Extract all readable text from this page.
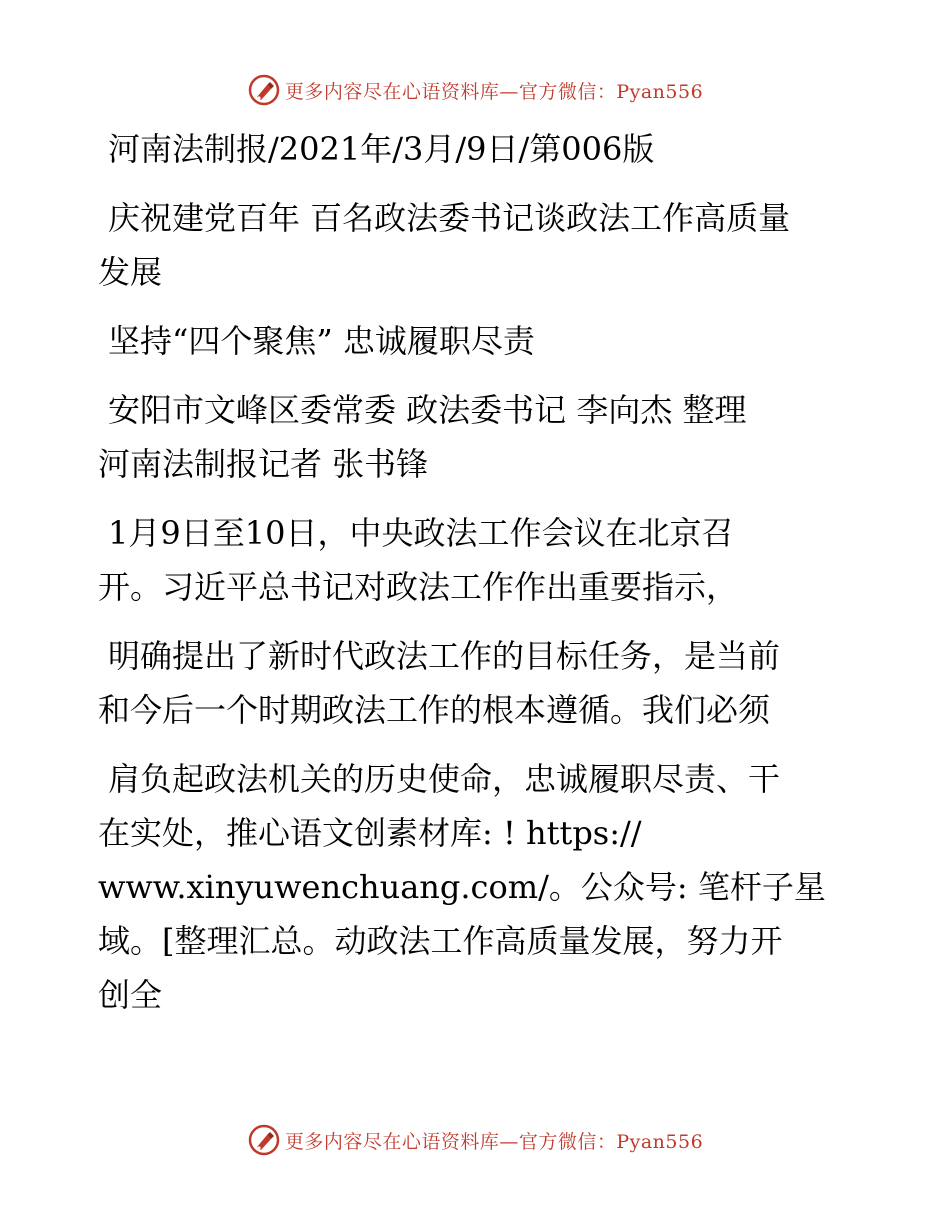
更多内容尽在心语资料库—官方微信：Pyan556
河南法制报/2021年/3月/9日/第006版
庆祝建党百年 百名政法委书记谈政法工作高质量
发展
坚持“四个聚焦” 忠诚履职尽责
安阳市文峰区委常委 政法委书记 李向杰 整理
河南法制报记者 张书锋
1月9日至10日，中央政法工作会议在北京召
开。习近平总书记对政法工作作出重要指示，
明确提出了新时代政法工作的目标任务，是当前
和今后一个时期政法工作的根本遵循。我们必须
肩负起政法机关的历史使命，忠诚履职尽责、干
在实处，推心语文创素材库: ! https://
www.xinyuwenchuang.com/。公众号: 笔杆子星
域。[整理汇总。动政法工作高质量发展，努力开
创全
更多内容尽在心语资料库—官方微信：Pyan556
